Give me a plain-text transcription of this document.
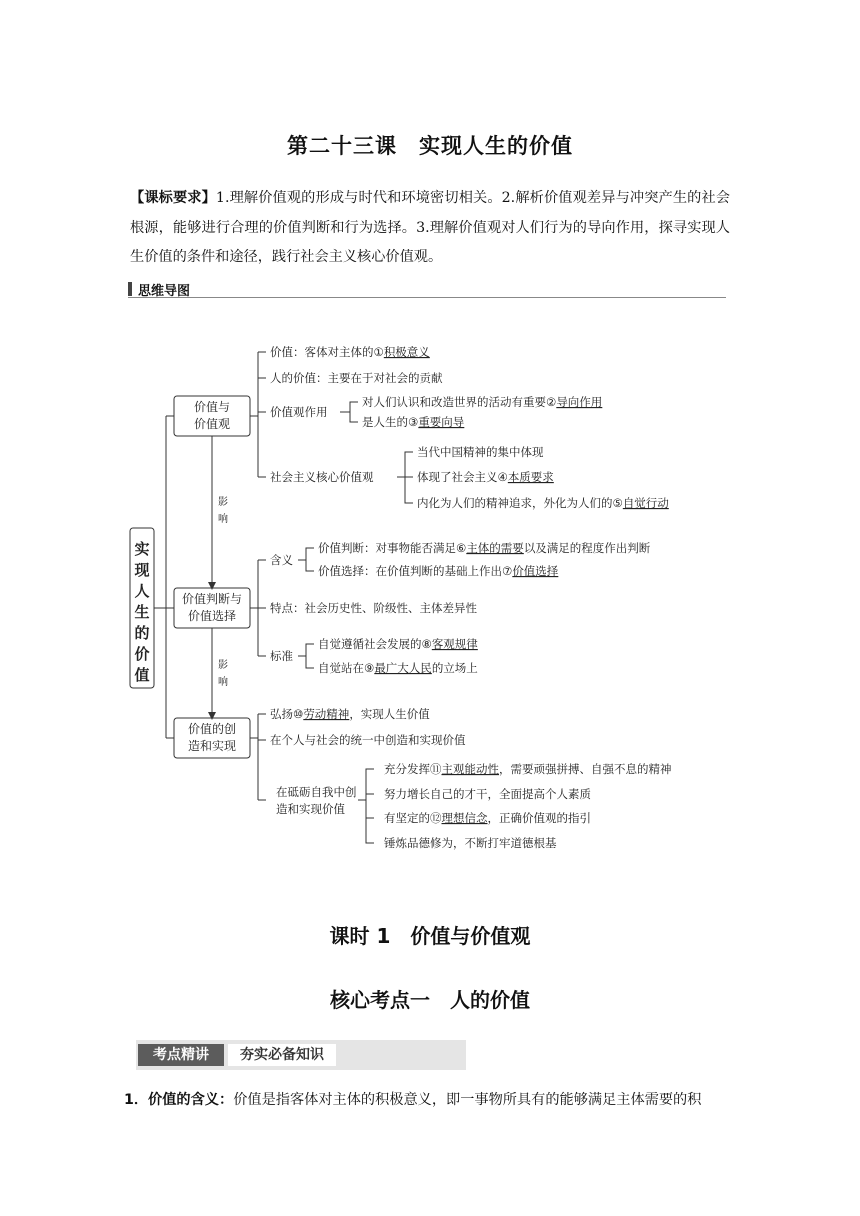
第二十三课　实现人生的价值
【课标要求】1.理解价值观的形成与时代和环境密切相关。2.解析价值观差异与冲突产生的社会根源，能够进行合理的价值判断和行为选择。3.理解价值观对人们行为的导向作用，探寻实现人生价值的条件和途径，践行社会主义核心价值观。
思维导图
实
现
人
生
的
价
值
影
响
影
响
价值与
价值观
价值判断与
价值选择
价值的创
造和实现
价值：客体对主体的①积极意义
人的价值：主要在于对社会的贡献
价值观作用
对人们认识和改造世界的活动有重要②导向作用
是人生的③重要向导
社会主义核心价值观
当代中国精神的集中体现
体现了社会主义④本质要求
内化为人们的精神追求，外化为人们的⑤自觉行动
含义
价值判断：对事物能否满足⑥主体的需要以及满足的程度作出判断
价值选择：在价值判断的基础上作出⑦价值选择
特点：社会历史性、阶级性、主体差异性
标准
自觉遵循社会发展的⑧客观规律
自觉站在⑨最广大人民的立场上
弘扬⑩劳动精神，实现人生价值
在个人与社会的统一中创造和实现价值
在砥砺自我中创
造和实现价值
充分发挥⑪主观能动性，需要顽强拼搏、自强不息的精神
努力增长自己的才干，全面提高个人素质
有坚定的⑫理想信念，正确价值观的指引
锤炼品德修为，不断打牢道德根基
课时 1　价值与价值观
核心考点一　人的价值
考点精讲	夯实必备知识
1．价值的含义：价值是指客体对主体的积极意义，即一事物所具有的能够满足主体需要的积
